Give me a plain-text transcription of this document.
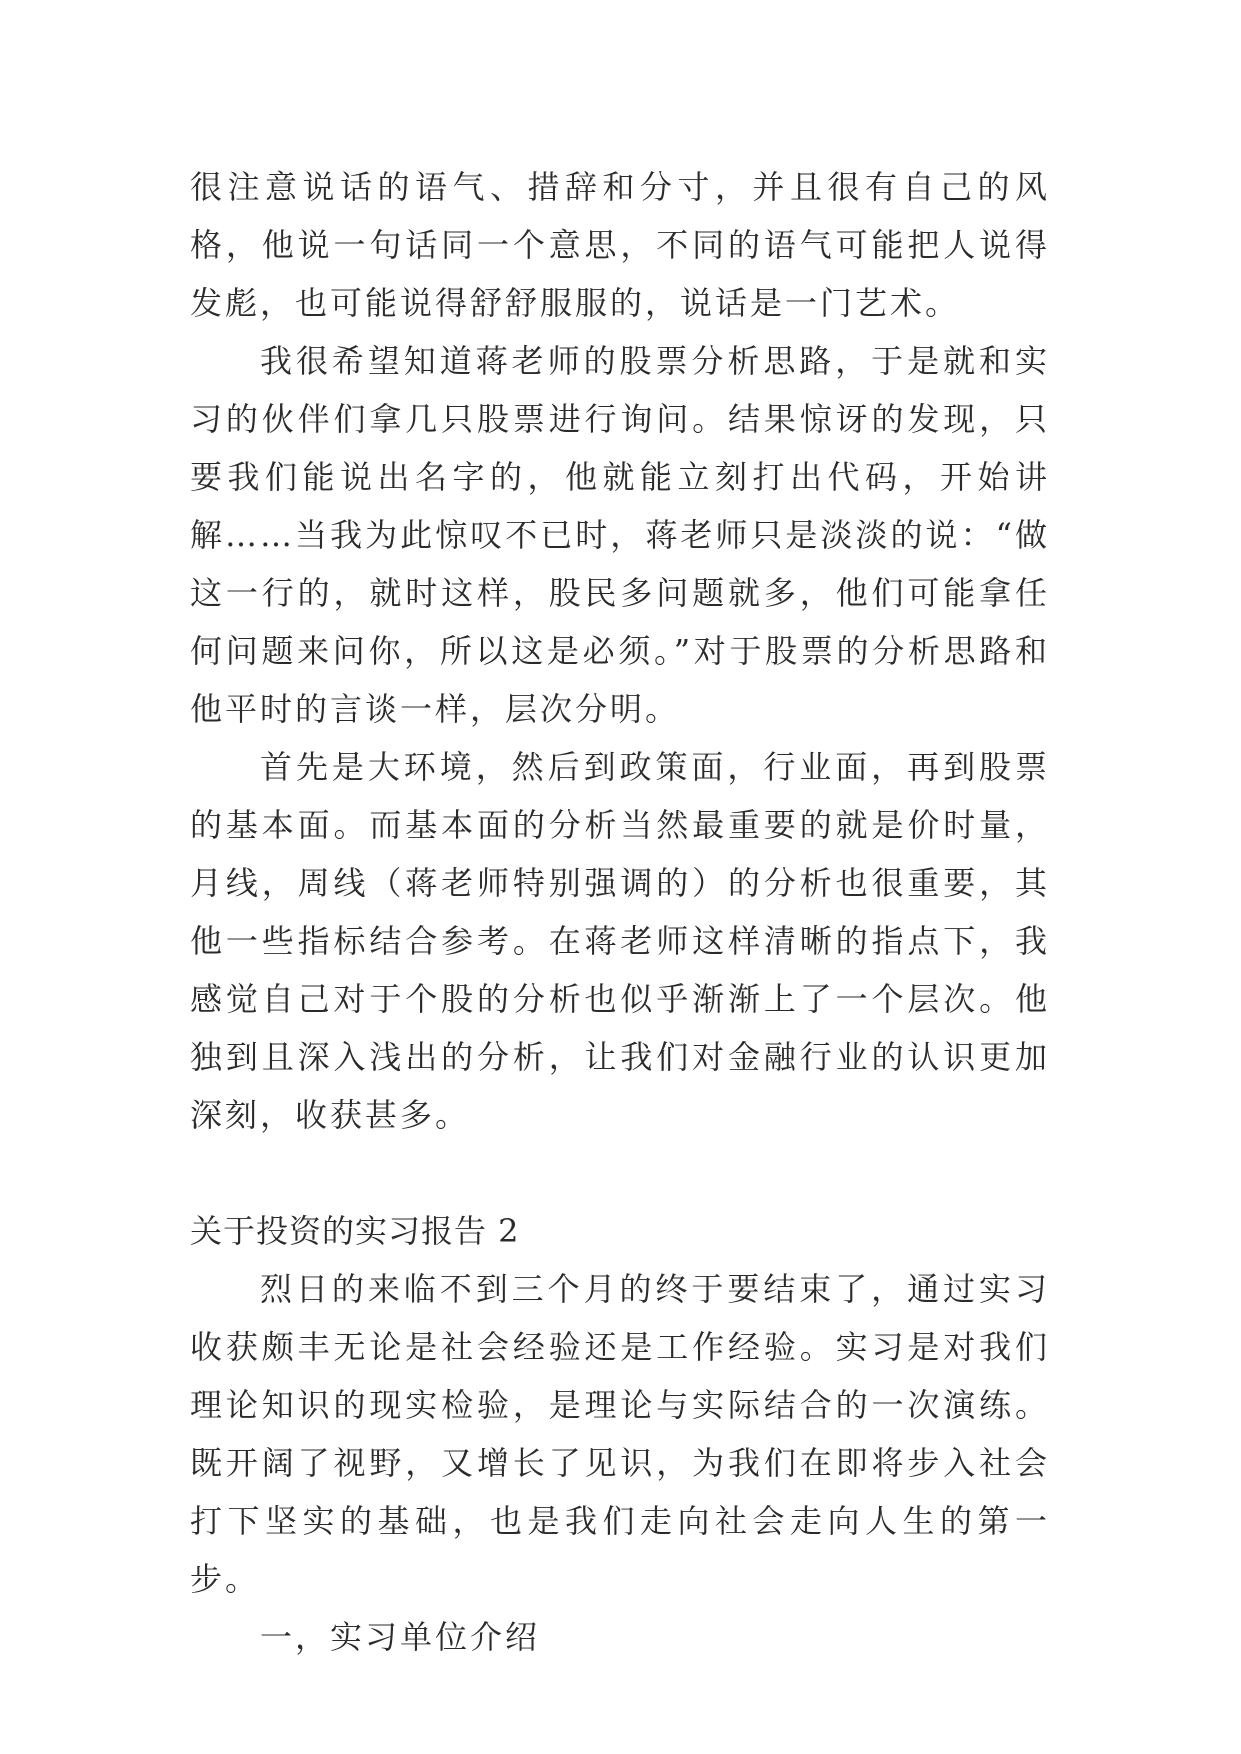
很注意说话的语气、措辞和分寸，并且很有自己的风格，他说一句话同一个意思，不同的语气可能把人说得发彪，也可能说得舒舒服服的，说话是一门艺术。

我很希望知道蒋老师的股票分析思路，于是就和实习的伙伴们拿几只股票进行询问。结果惊讶的发现，只要我们能说出名字的，他就能立刻打出代码，开始讲解……当我为此惊叹不已时，蒋老师只是淡淡的说：“做这一行的，就时这样，股民多问题就多，他们可能拿任何问题来问你，所以这是必须。”对于股票的分析思路和他平时的言谈一样，层次分明。

首先是大环境，然后到政策面，行业面，再到股票的基本面。而基本面的分析当然最重要的就是价时量，月线，周线（蒋老师特别强调的）的分析也很重要，其他一些指标结合参考。在蒋老师这样清晰的指点下，我感觉自己对于个股的分析也似乎渐渐上了一个层次。他独到且深入浅出的分析，让我们对金融行业的认识更加深刻，收获甚多。

关于投资的实习报告 2

烈日的来临不到三个月的终于要结束了，通过实习收获颇丰无论是社会经验还是工作经验。实习是对我们理论知识的现实检验，是理论与实际结合的一次演练。既开阔了视野，又增长了见识，为我们在即将步入社会打下坚实的基础，也是我们走向社会走向人生的第一步。

一，实习单位介绍
